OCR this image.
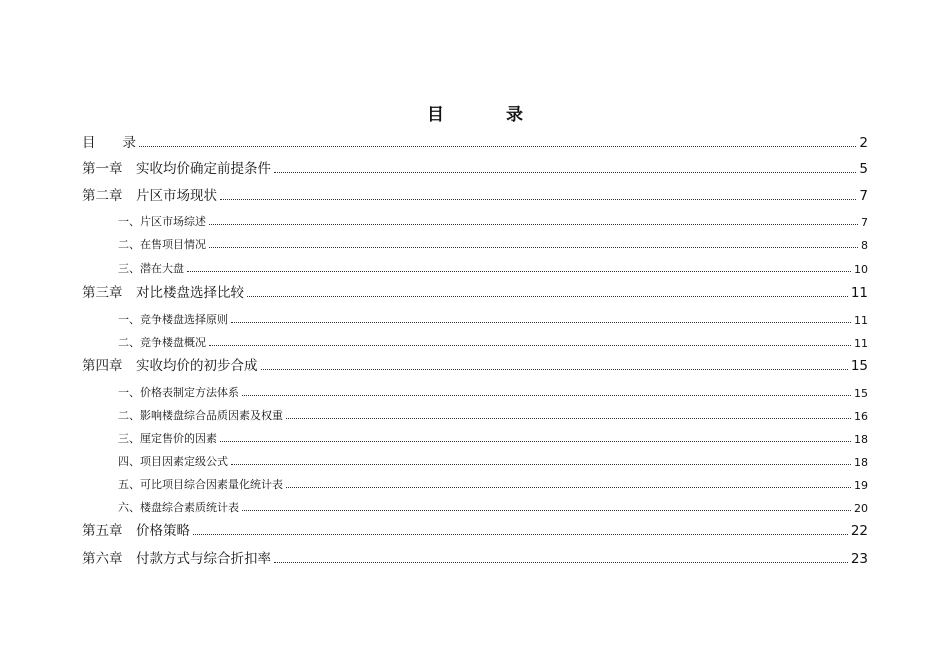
目 录
目　　录	2
第一章　实收均价确定前提条件	5
第二章　片区市场现状	7
一、片区市场综述	7
二、在售项目情况	8
三、潜在大盘	10
第三章　对比楼盘选择比较	11
一、竞争楼盘选择原则	11
二、竞争楼盘概况	11
第四章　实收均价的初步合成	15
一、价格表制定方法体系	15
二、影响楼盘综合品质因素及权重	16
三、厘定售价的因素	18
四、项目因素定级公式	18
五、可比项目综合因素量化统计表	19
六、楼盘综合素质统计表	20
第五章　价格策略	22
第六章　付款方式与综合折扣率	23
